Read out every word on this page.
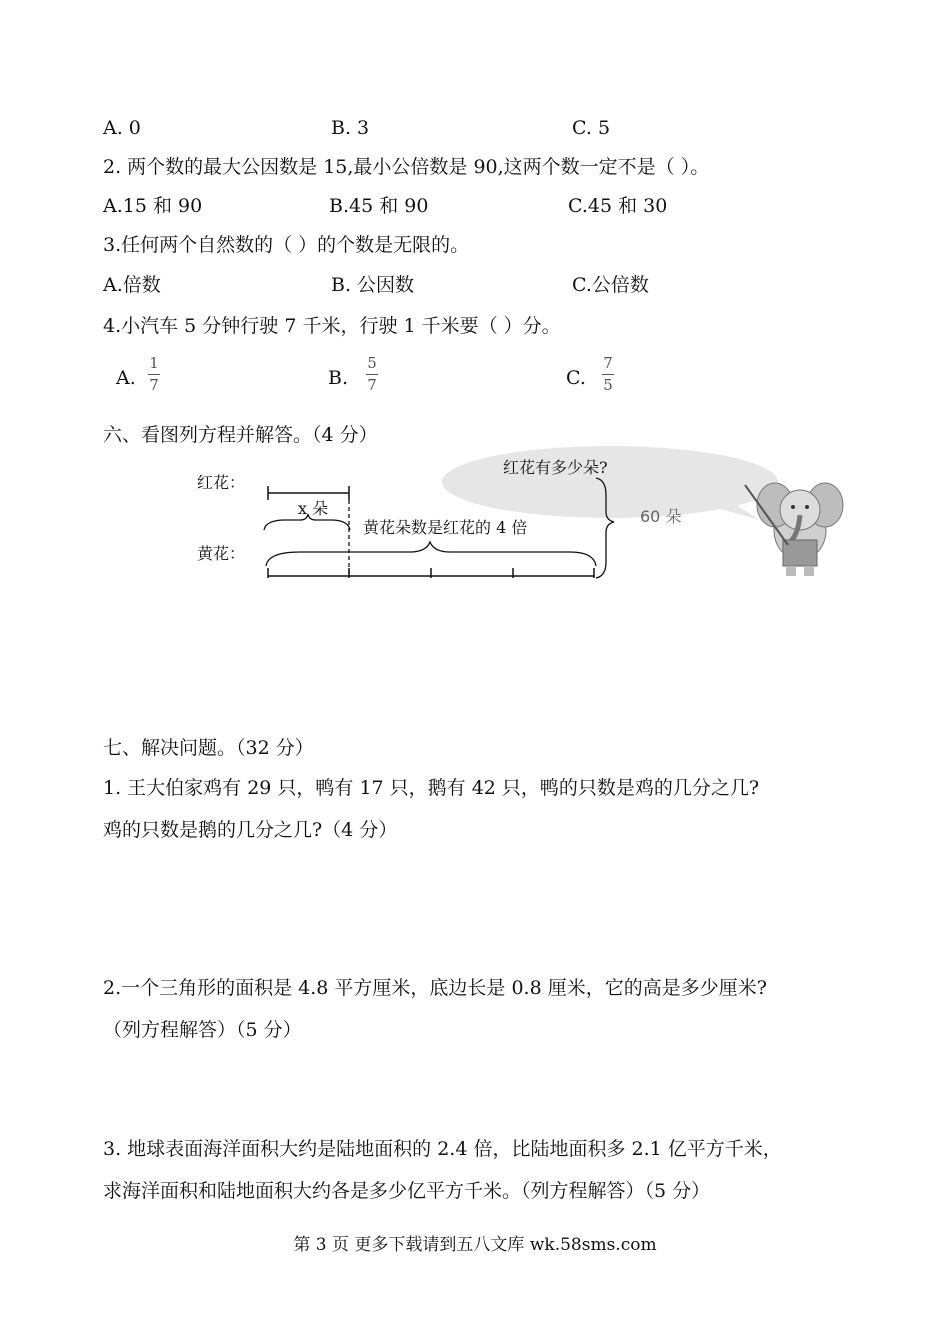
A. 0	B. 3	C. 5
2. 两个数的最大公因数是 15,最小公倍数是 90,这两个数一定不是（ ）。
A.15 和 90	B.45 和 90	C.45 和 30
3.任何两个自然数的（ ）的个数是无限的。
A.倍数	B. 公因数	C.公倍数
4.小汽车 5 分钟行驶 7 千米，行驶 1 千米要（ ）分。
A.
1
7	B.
5
7	C.
7
5
六、看图列方程并解答。（4 分）
红花有多少朵?
红花：
黄花：
x 朵
黄花朵数是红花的 4 倍
60 朵
七、解决问题。（32 分）
1. 王大伯家鸡有 29 只，鸭有 17 只，鹅有 42 只，鸭的只数是鸡的几分之几?
鸡的只数是鹅的几分之几?（4 分）
2.一个三角形的面积是 4.8 平方厘米，底边长是 0.8 厘米，它的高是多少厘米?
（列方程解答）（5 分）
3. 地球表面海洋面积大约是陆地面积的 2.4 倍，比陆地面积多 2.1 亿平方千米，
求海洋面积和陆地面积大约各是多少亿平方千米。（列方程解答）（5 分）
第 3 页 更多下载请到五八文库 wk.58sms.com
